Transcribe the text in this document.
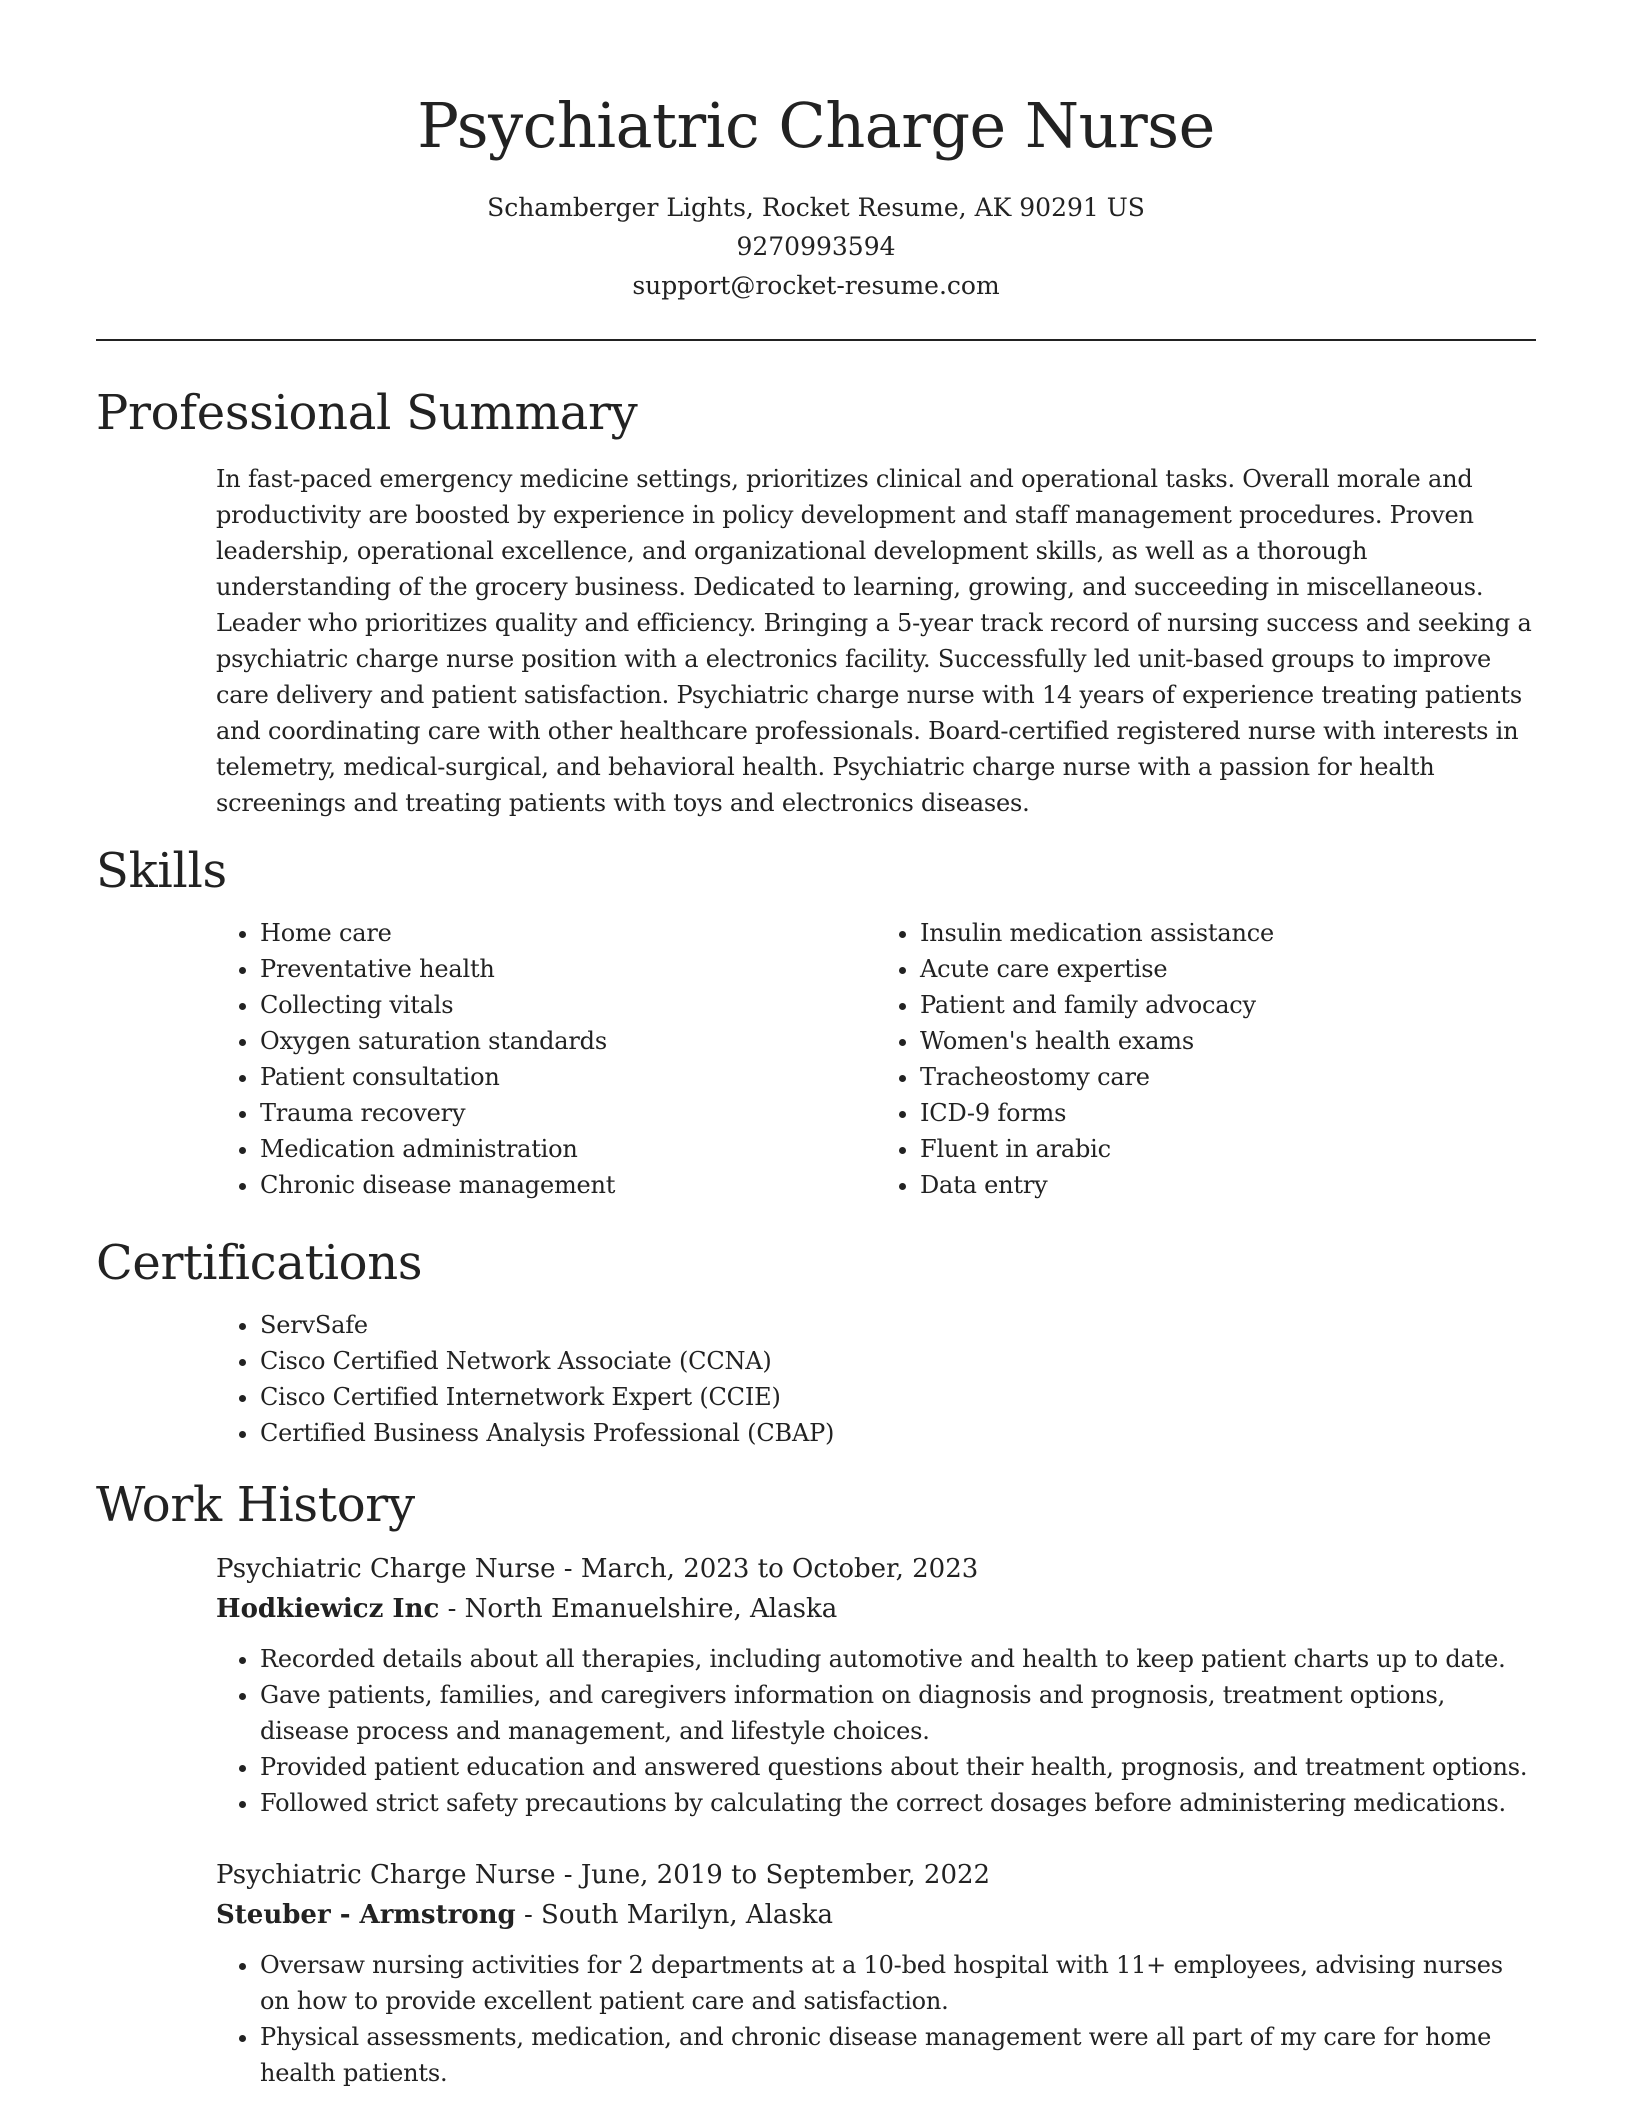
Psychiatric Charge Nurse

Schamberger Lights, Rocket Resume, AK 90291 US

9270993594

support@rocket-resume.com

Professional Summary

In fast-paced emergency medicine settings, prioritizes clinical and operational tasks. Overall morale and productivity are boosted by experience in policy development and staff management procedures. Proven leadership, operational excellence, and organizational development skills, as well as a thorough understanding of the grocery business. Dedicated to learning, growing, and succeeding in miscellaneous. Leader who prioritizes quality and efficiency. Bringing a 5-year track record of nursing success and seeking a psychiatric charge nurse position with a electronics facility. Successfully led unit-based groups to improve care delivery and patient satisfaction. Psychiatric charge nurse with 14 years of experience treating patients and coordinating care with other healthcare professionals. Board-certified registered nurse with interests in telemetry, medical-surgical, and behavioral health. Psychiatric charge nurse with a passion for health screenings and treating patients with toys and electronics diseases.

Skills
• Home care
• Preventative health
• Collecting vitals
• Oxygen saturation standards
• Patient consultation
• Trauma recovery
• Medication administration
• Chronic disease management
• Insulin medication assistance
• Acute care expertise
• Patient and family advocacy
• Women's health exams
• Tracheostomy care
• ICD-9 forms
• Fluent in arabic
• Data entry
Certifications
• ServSafe
• Cisco Certified Network Associate (CCNA)
• Cisco Certified Internetwork Expert (CCIE)
• Certified Business Analysis Professional (CBAP)
Work History

Psychiatric Charge Nurse - March, 2023 to October, 2023

Hodkiewicz Inc - North Emanuelshire, Alaska

• Recorded details about all therapies, including automotive and health to keep patient charts up to date.
• Gave patients, families, and caregivers information on diagnosis and prognosis, treatment options, disease process and management, and lifestyle choices.
• Provided patient education and answered questions about their health, prognosis, and treatment options.
• Followed strict safety precautions by calculating the correct dosages before administering medications.

Psychiatric Charge Nurse - June, 2019 to September, 2022

Steuber - Armstrong - South Marilyn, Alaska

• Oversaw nursing activities for 2 departments at a 10-bed hospital with 11+ employees, advising nurses on how to provide excellent patient care and satisfaction.
• Physical assessments, medication, and chronic disease management were all part of my care for home health patients.
